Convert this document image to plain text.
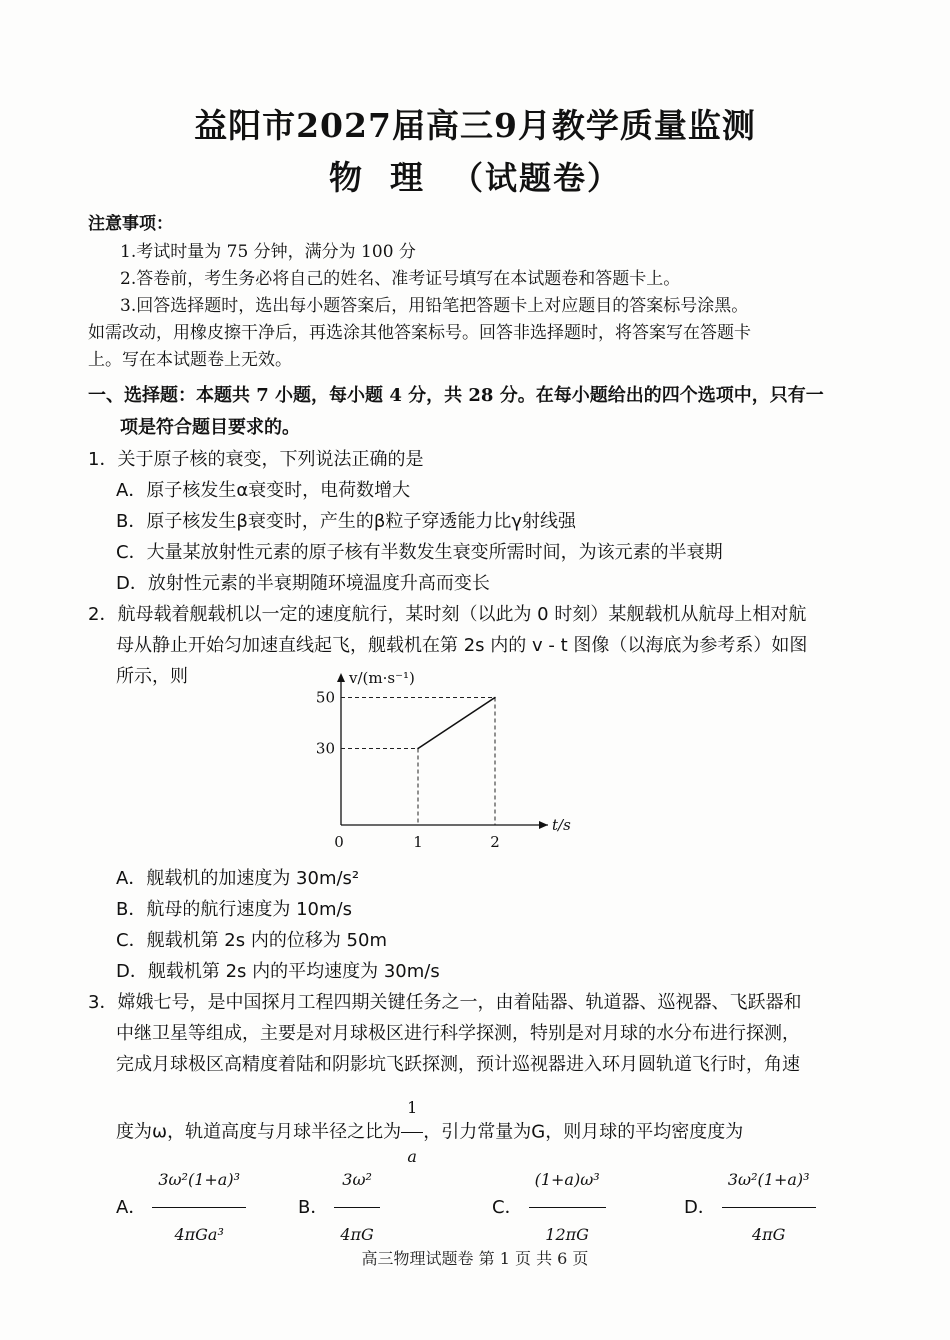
益阳市2027届高三9月教学质量监测
物理（试题卷）
注意事项：
1.考试时量为 75 分钟，满分为 100 分
2.答卷前，考生务必将自己的姓名、准考证号填写在本试题卷和答题卡上。
3.回答选择题时，选出每小题答案后，用铅笔把答题卡上对应题目的答案标号涂黑。
如需改动，用橡皮擦干净后，再选涂其他答案标号。回答非选择题时，将答案写在答题卡
上。写在本试题卷上无效。
一、选择题：本题共 7 小题，每小题 4 分，共 28 分。在每小题给出的四个选项中，只有一
项是符合题目要求的。
1．关于原子核的衰变，下列说法正确的是
A．原子核发生α衰变时，电荷数增大
B．原子核发生β衰变时，产生的β粒子穿透能力比γ射线强
C．大量某放射性元素的原子核有半数发生衰变所需时间，为该元素的半衰期
D．放射性元素的半衰期随环境温度升高而变长
2．航母载着舰载机以一定的速度航行，某时刻（以此为 0 时刻）某舰载机从航母上相对航
母从静止开始匀加速直线起飞，舰载机在第 2s 内的 v - t 图像（以海底为参考系）如图
所示，则	v/(m·s⁻¹)
t/s
0	1	2
30
50
A．舰载机的加速度为 30m/s²
B．航母的航行速度为 10m/s
C．舰载机第 2s 内的位移为 50m
D．舰载机第 2s 内的平均速度为 30m/s
3．嫦娥七号，是中国探月工程四期关键任务之一，由着陆器、轨道器、巡视器、飞跃器和
中继卫星等组成，主要是对月球极区进行科学探测，特别是对月球的水分布进行探测，
完成月球极区高精度着陆和阴影坑飞跃探测，预计巡视器进入环月圆轨道飞行时，角速
度为ω，轨道高度与月球半径之比为 $\frac{1}{a}$ ，引力常量为G，则月球的平均密度度为
A． $\frac{\text{3ω²(1+a)³}}{\text{4πGa³}}$	B． $\frac{\text{3ω²}}{4\pi G}$	C． $\frac{\text{(1+a)ω³}}{12\pi G}$	D． $\frac{\text{3ω²(1+a)³}}{4\pi G}$
高三物理试题卷 第 1 页 共 6 页
